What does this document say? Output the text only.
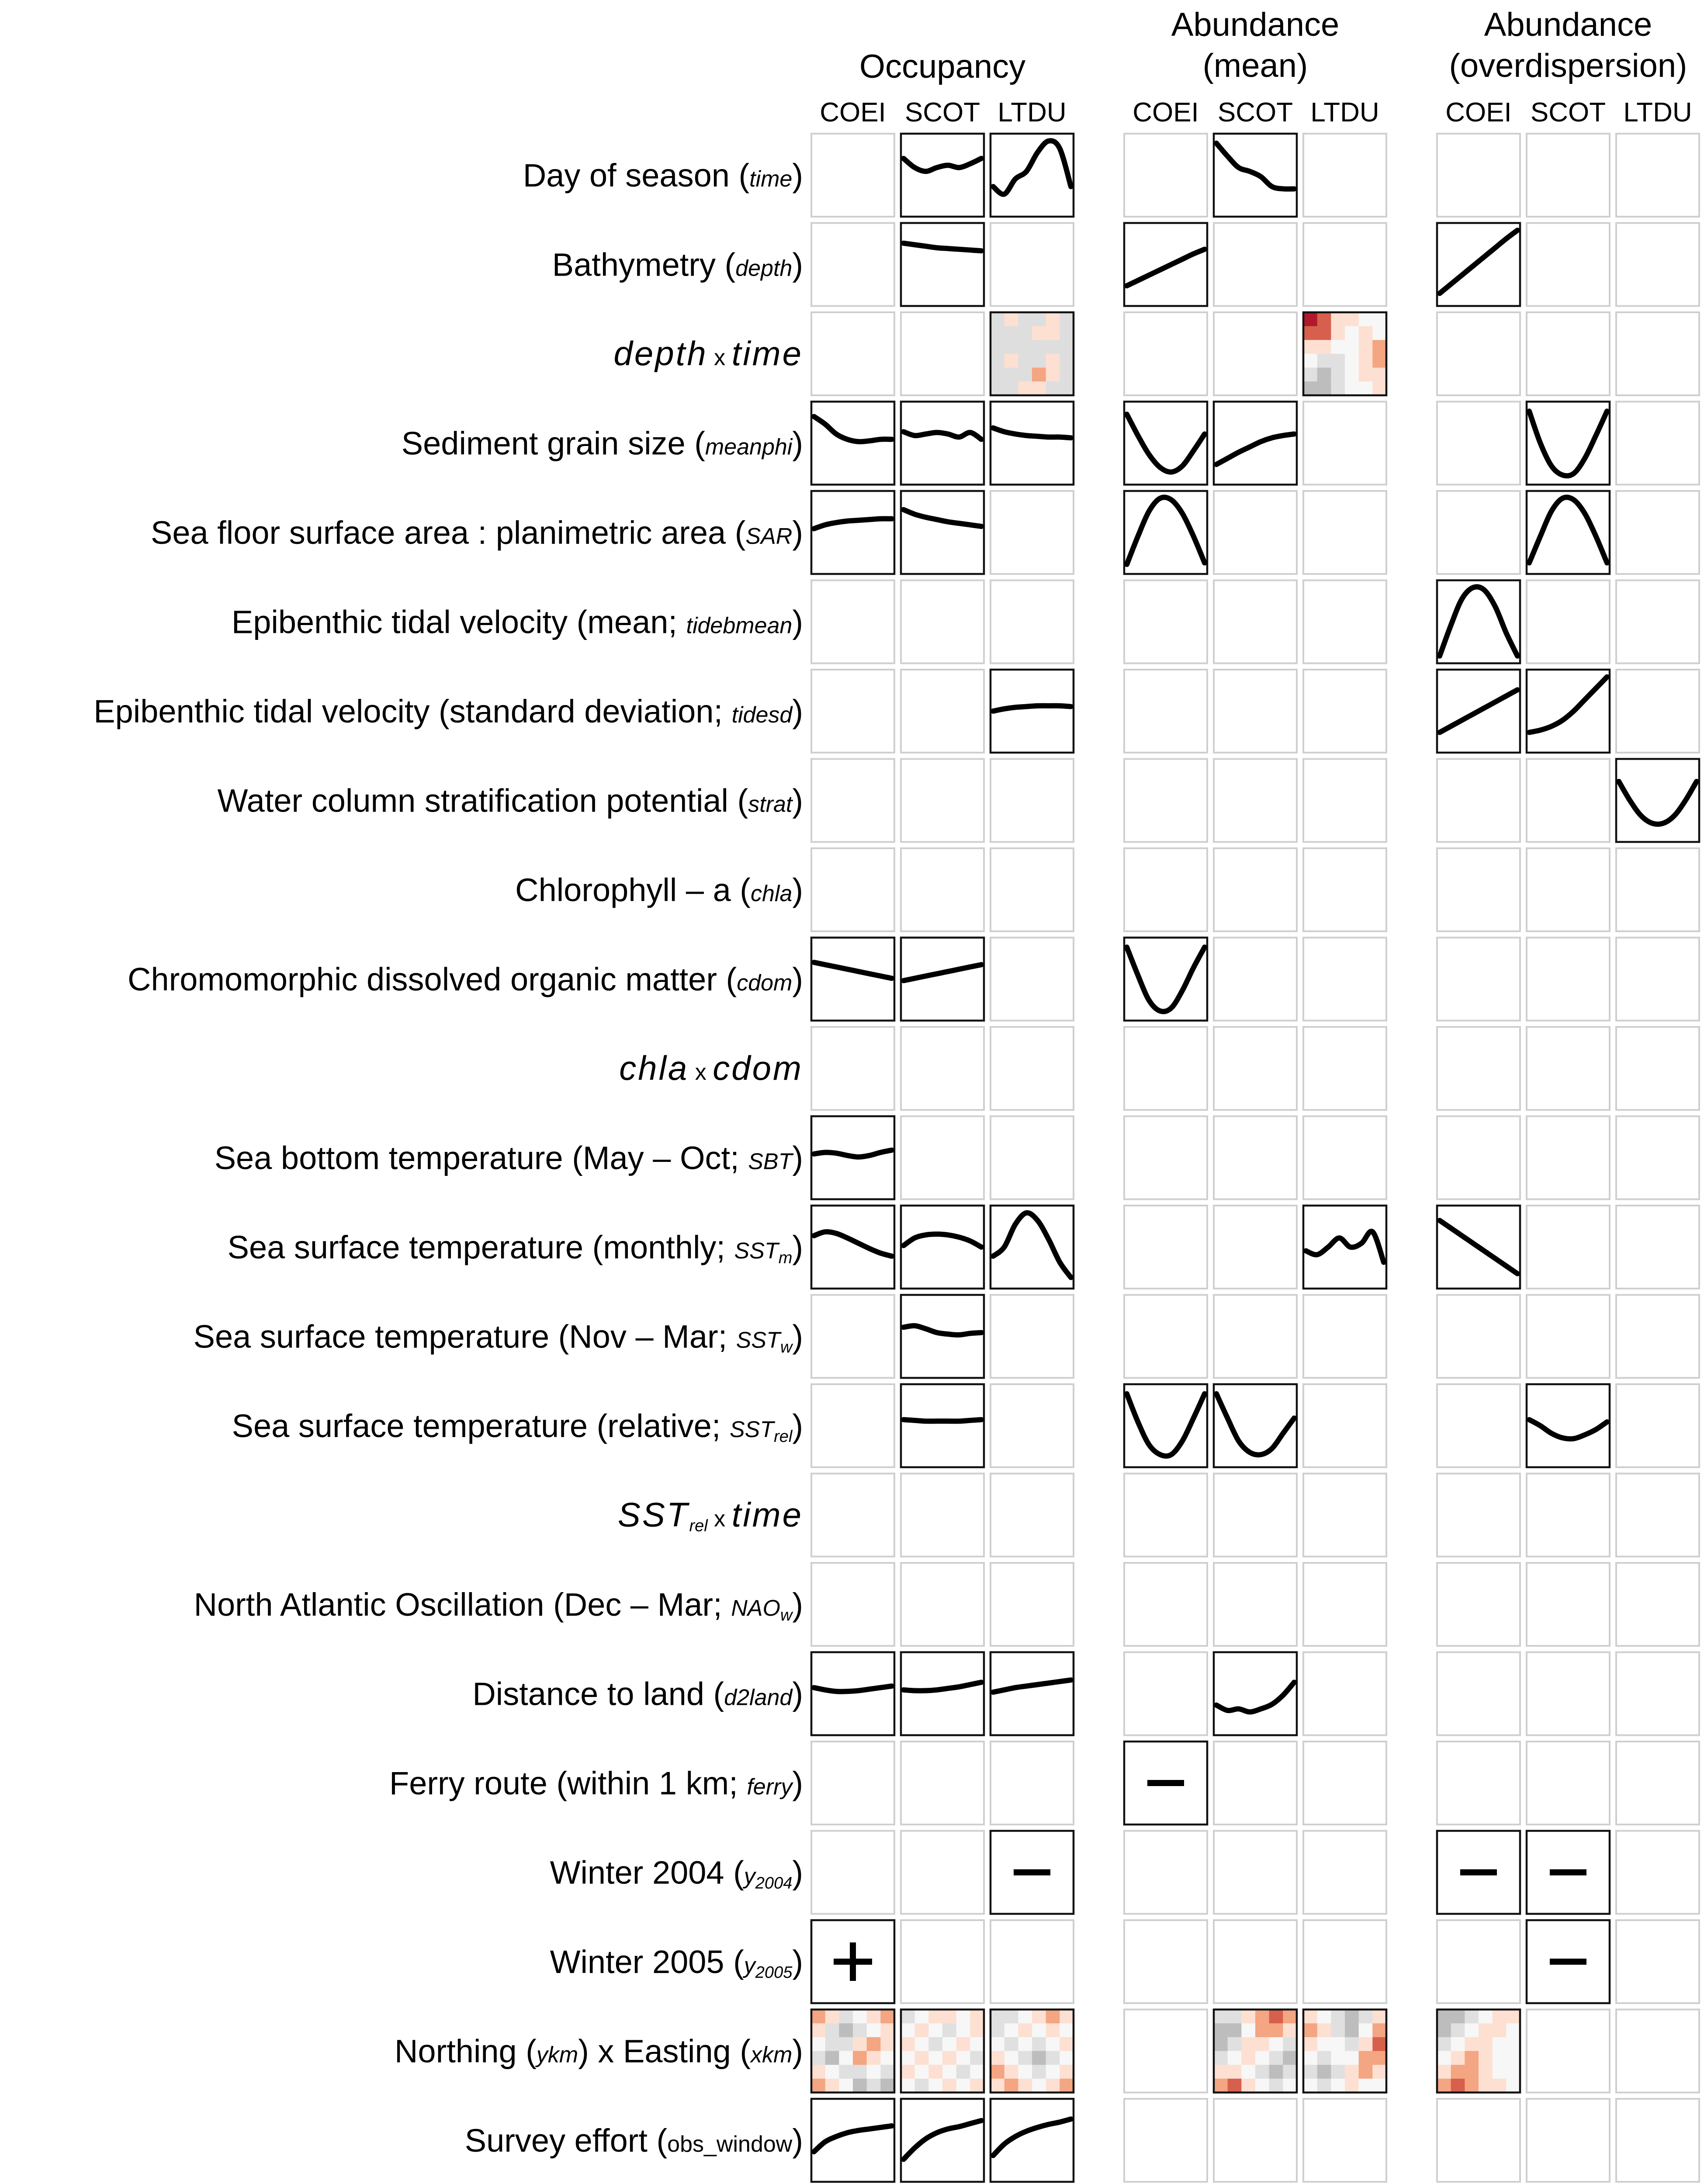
Occupancy
COEI SCOT LTDU
Abundance
(mean)
COEI SCOT LTDU
Abundance
(overdispersion)
COEI SCOT LTDU
Day of season (time)
Bathymetry (depth)
depth x time
Sediment grain size (meanphi)
Sea floor surface area : planimetric area (SAR)
Epibenthic tidal velocity (mean; tidebmean)
Epibenthic tidal velocity (standard deviation; tidesd)
Water column stratification potential (strat)
Chlorophyll – a (chla)
Chromomorphic dissolved organic matter (cdom)
chla x cdom
Sea bottom temperature (May – Oct; SBT)
Sea surface temperature (monthly; SSTm)
Sea surface temperature (Nov – Mar; SSTw)
Sea surface temperature (relative; SSTrel)
SSTrel x time
North Atlantic Oscillation (Dec – Mar; NAOw)
Distance to land (d2land)
Ferry route (within 1 km; ferry)
Winter 2004 (y2004)
Winter 2005 (y2005)
Northing (ykm) x Easting (xkm)
Survey effort (obs_window)
